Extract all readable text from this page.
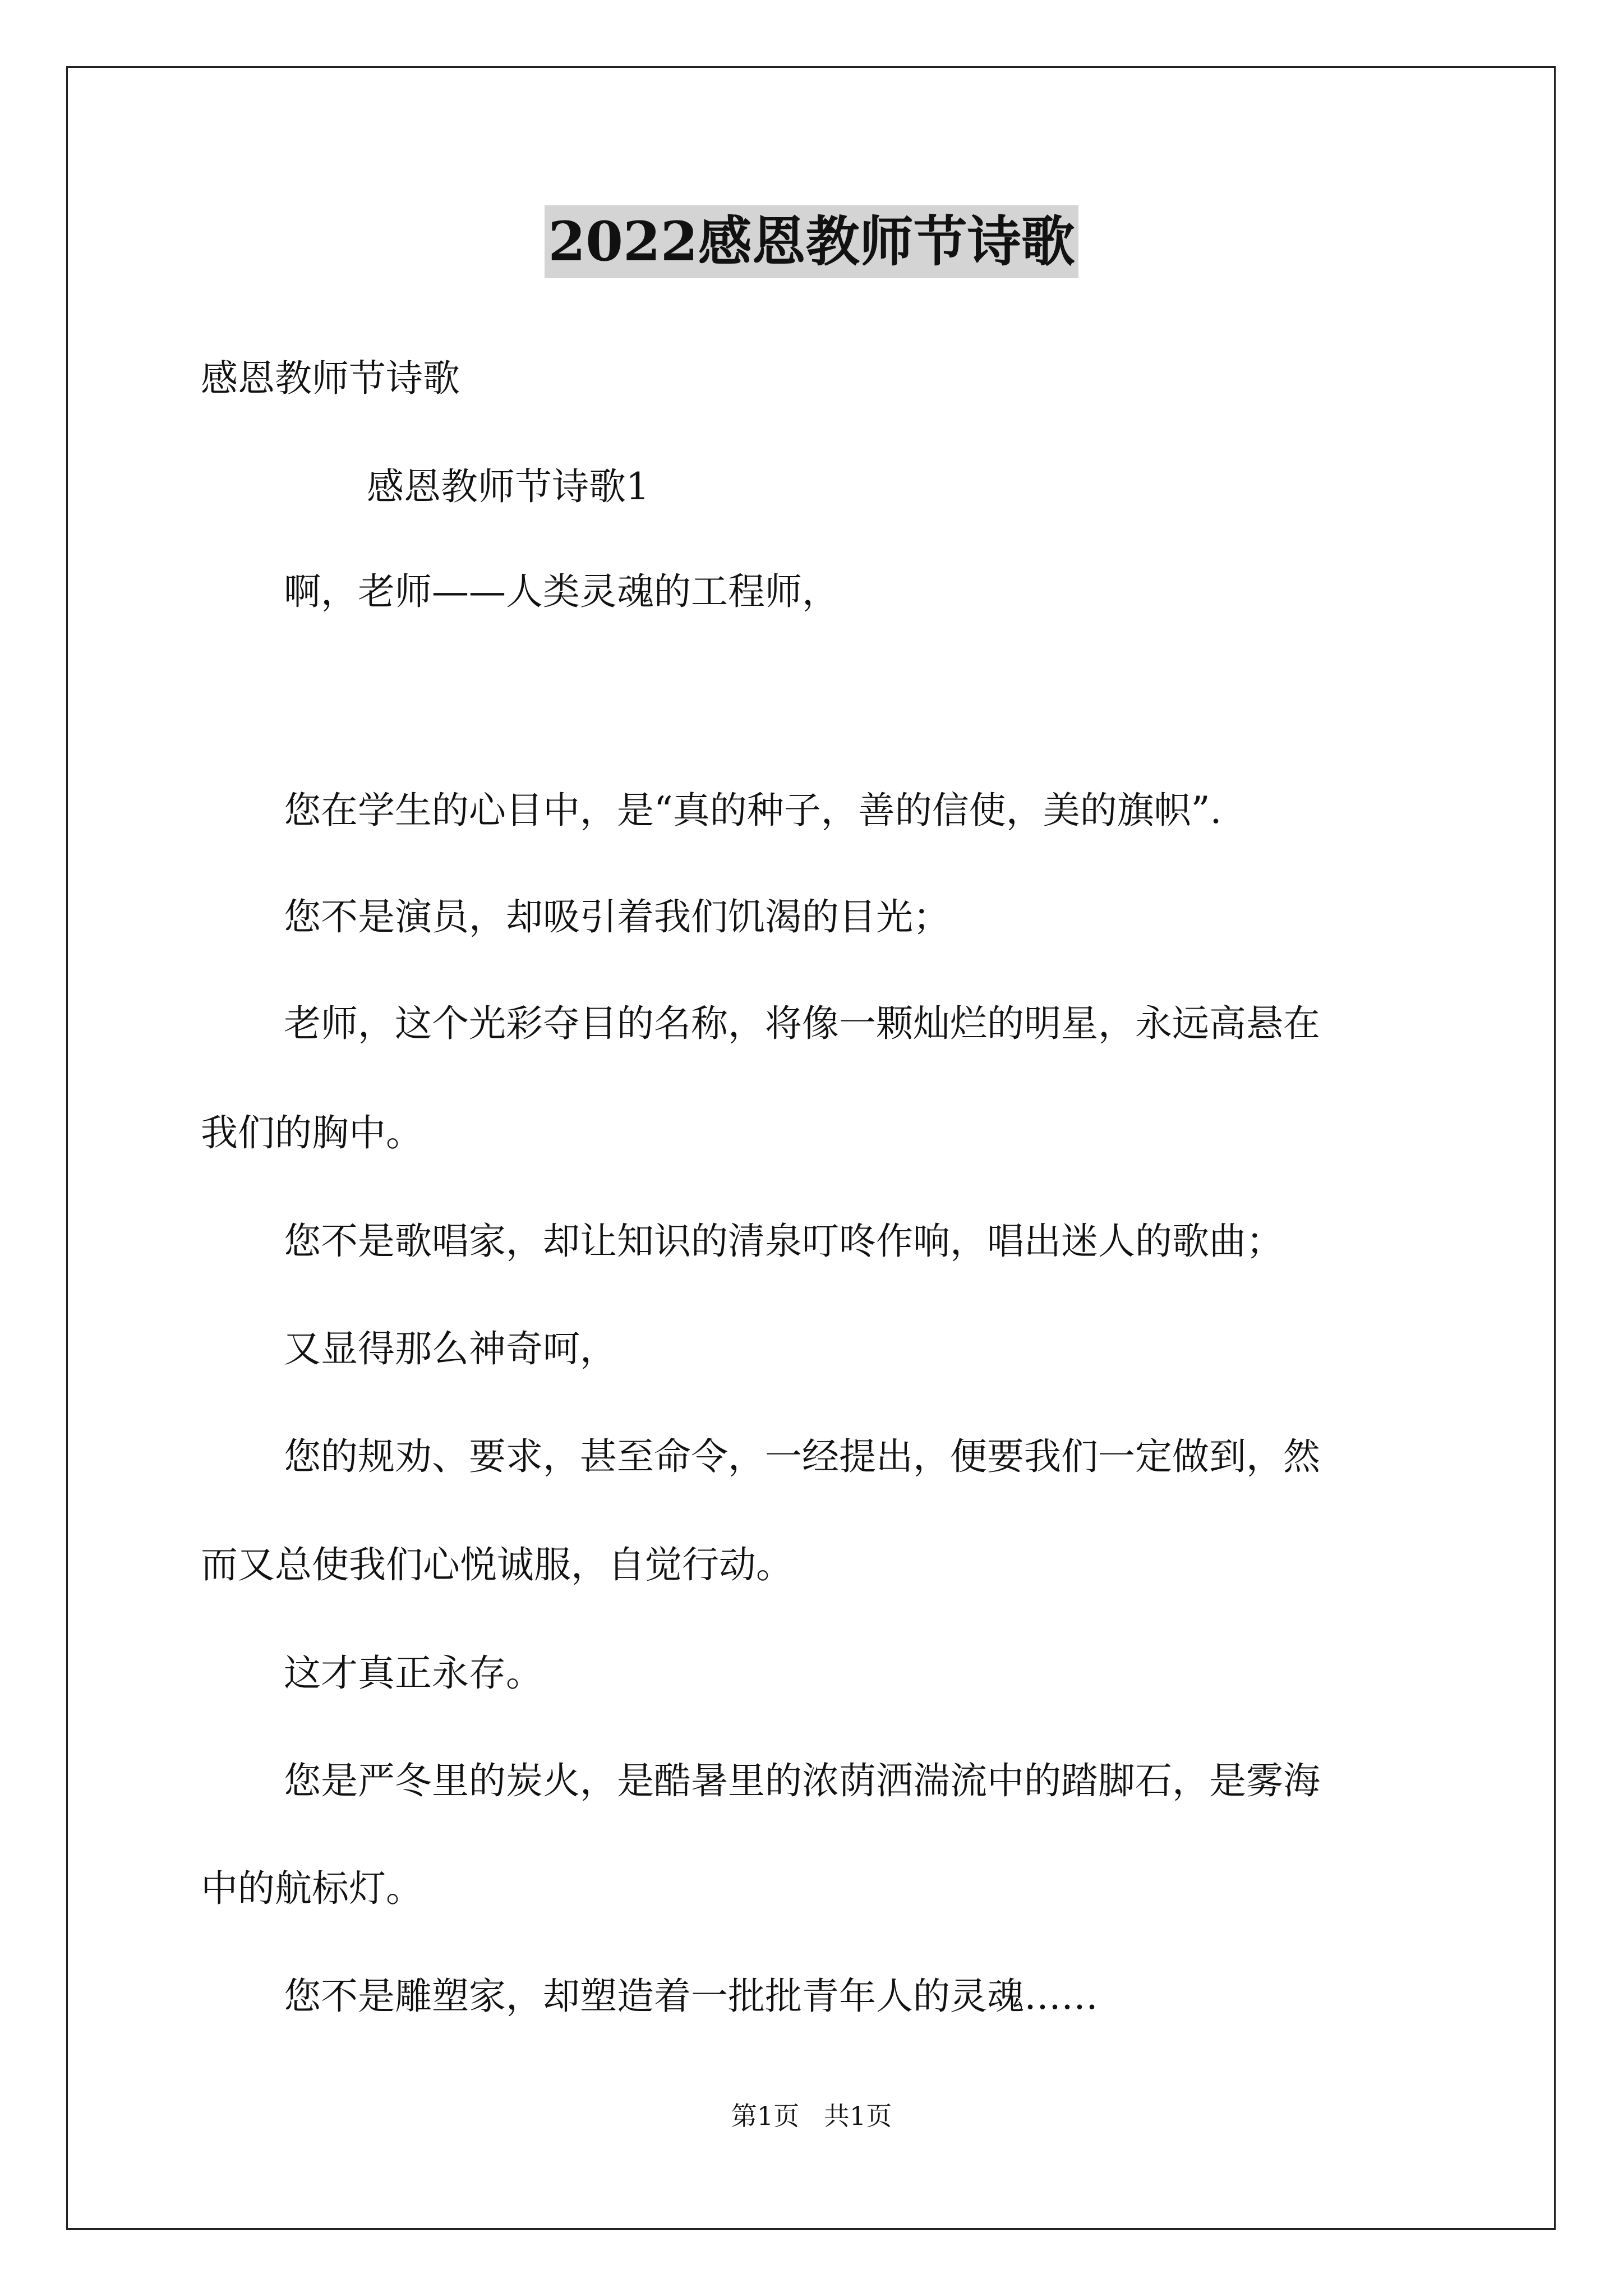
2022感恩教师节诗歌

感恩教师节诗歌

感恩教师节诗歌1

啊，老师——人类灵魂的工程师，

您在学生的心目中，是“真的种子，善的信使，美的旗帜”.

您不是演员，却吸引着我们饥渴的目光；

老师，这个光彩夺目的名称，将像一颗灿烂的明星，永远高悬在

我们的胸中。

您不是歌唱家，却让知识的清泉叮咚作响，唱出迷人的歌曲；

又显得那么神奇呵，

您的规劝、要求，甚至命令，一经提出，便要我们一定做到，然

而又总使我们心悦诚服，自觉行动。

这才真正永存。

您是严冬里的炭火，是酷暑里的浓荫洒湍流中的踏脚石，是雾海

中的航标灯。

您不是雕塑家，却塑造着一批批青年人的灵魂……

第1页   共1页
